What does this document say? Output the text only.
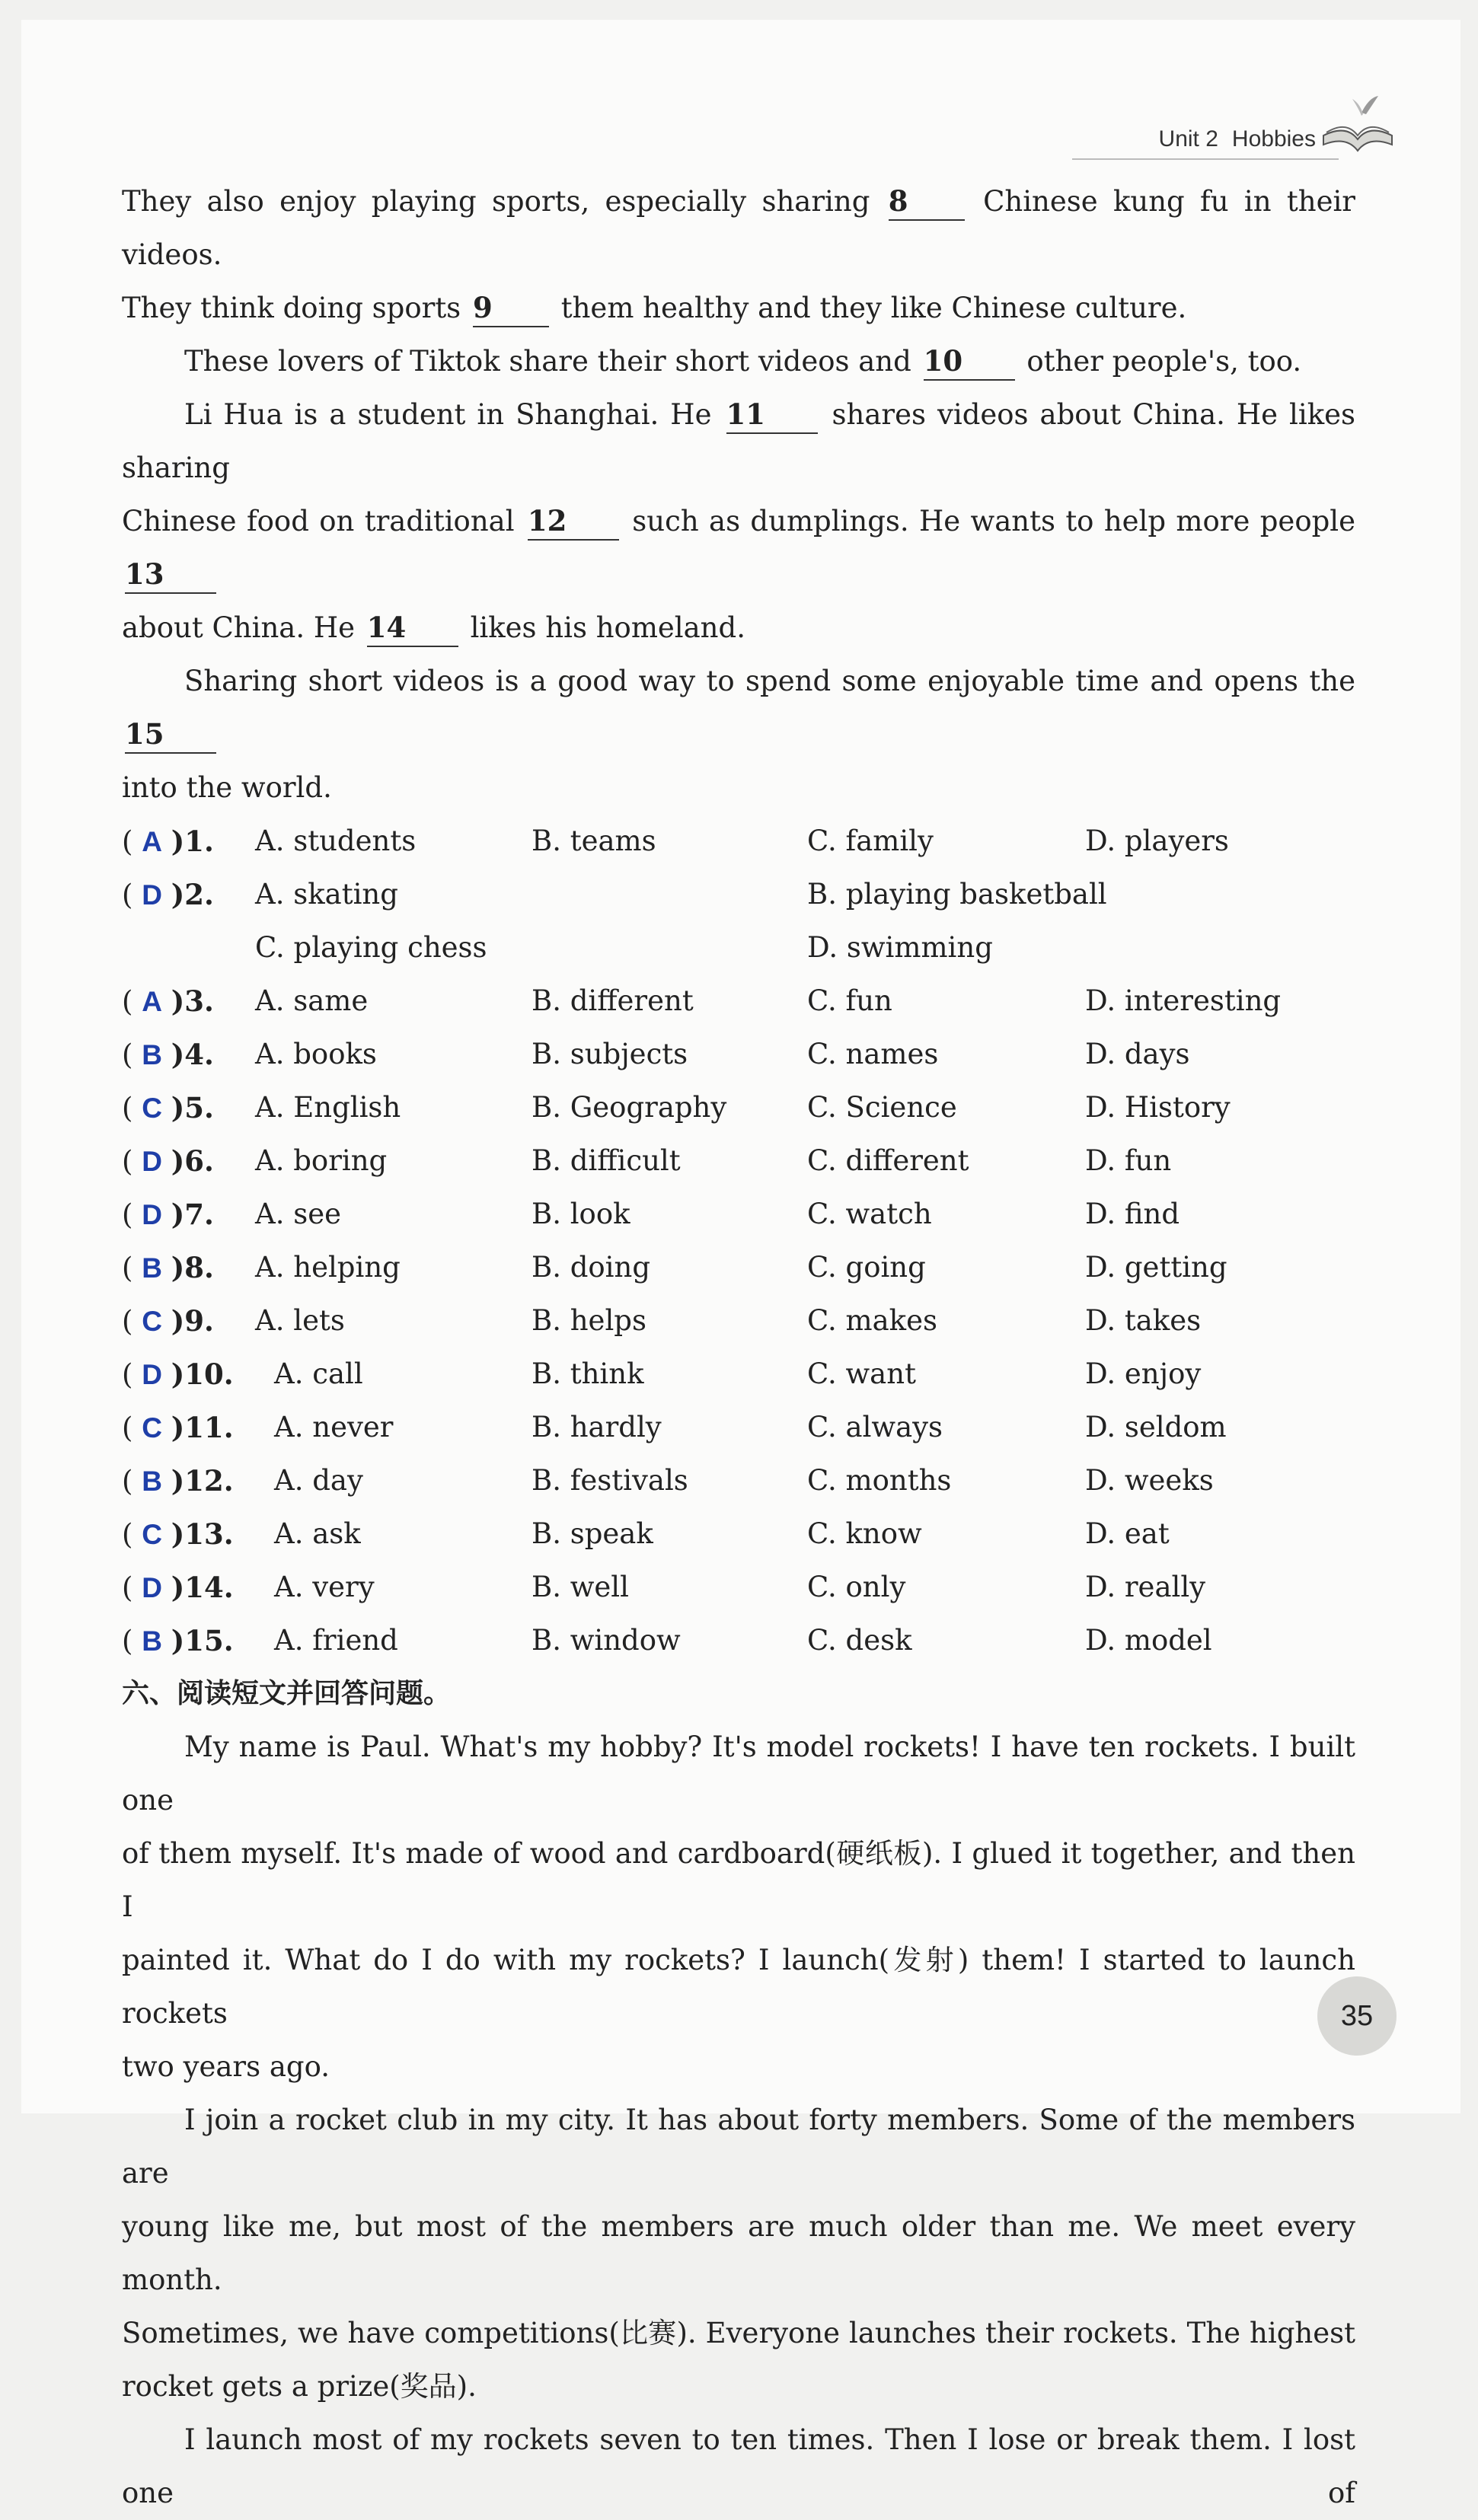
Unit 2 Hobbies

They also enjoy playing sports, especially sharing 8	Chinese kung fu in their videos.

They think doing sports 9 them healthy and they like Chinese culture.

These lovers of Tiktok share their short videos and 10 other people's, too.

Li Hua is a student in Shanghai. He 11 shares videos about China. He likes sharing

Chinese food on traditional 12 such as dumplings. He wants to help more people 13

about China. He 14 likes his homeland.

Sharing short videos is a good way to spend some enjoyable time and opens the 15

into the world.

( A )1. A. students	B. teams	C. family	D. players
( D )2. A. skating	B. playing basketball
C. playing chess	D. swimming
( A )3. A. same	B. different	C. fun	D. interesting
( B )4. A. books	B. subjects	C. names	D. days
( C )5. A. English	B. Geography	C. Science	D. History
( D )6. A. boring	B. difficult	C. different	D. fun
( D )7. A. see	B. look	C. watch	D. find
( B )8. A. helping	B. doing	C. going	D. getting
( C )9. A. lets	B. helps	C. makes	D. takes
( D )10. A. call	B. think	C. want	D. enjoy
( C )11. A. never	B. hardly	C. always	D. seldom
( B )12. A. day	B. festivals	C. months	D. weeks
( C )13. A. ask	B. speak	C. know	D. eat
( D )14. A. very	B. well	C. only	D. really
( B )15. A. friend	B. window	C. desk	D. model

六、阅读短文并回答问题。

My name is Paul. What's my hobby? It's model rockets! I have ten rockets. I built one

of them myself. It's made of wood and cardboard(硬纸板). I glued it together, and then I

painted it. What do I do with my rockets? I launch(发射) them! I started to launch rockets

two years ago.

I join a rocket club in my city. It has about forty members. Some of the members are

young like me, but most of the members are much older than me. We meet every month.

Sometimes, we have competitions(比赛). Everyone launches their rockets. The highest

rocket gets a prize(奖品).

I launch most of my rockets seven to ten times. Then I lose or break them. I lost one of

35
